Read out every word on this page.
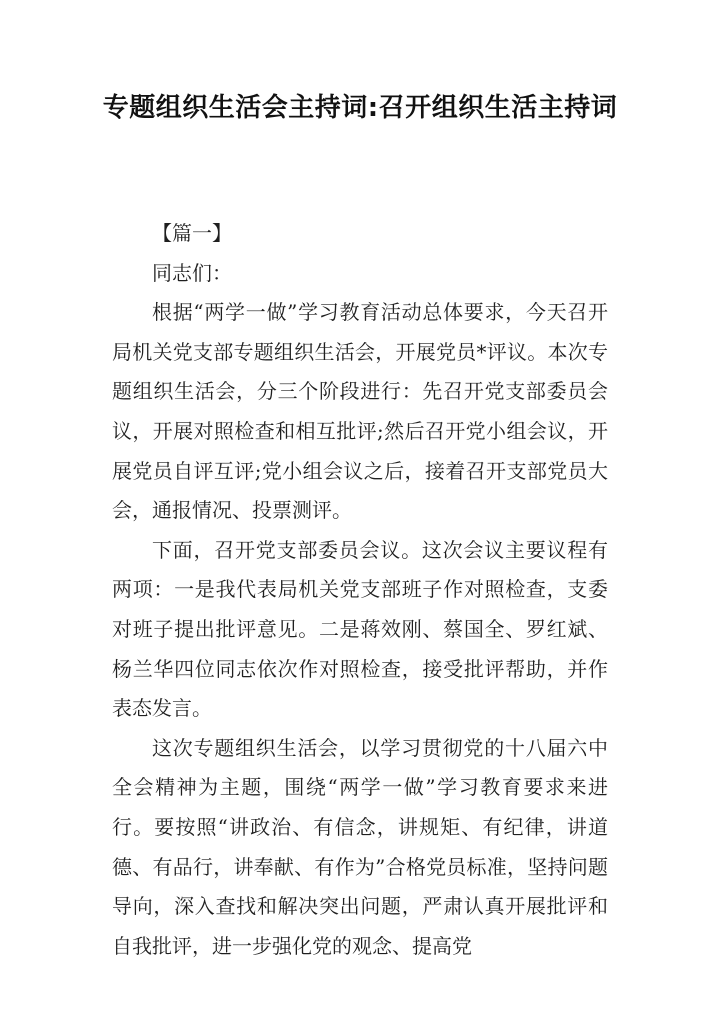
专题组织生活会主持词:召开组织生活主持词

【篇一】

同志们：

根据“两学一做”学习教育活动总体要求，今天召开局机关党支部专题组织生活会，开展党员*评议。本次专题组织生活会，分三个阶段进行：先召开党支部委员会议，开展对照检查和相互批评;然后召开党小组会议，开展党员自评互评;党小组会议之后，接着召开支部党员大会，通报情况、投票测评。

下面，召开党支部委员会议。这次会议主要议程有两项：一是我代表局机关党支部班子作对照检查，支委对班子提出批评意见。二是蒋效刚、蔡国全、罗红斌、杨兰华四位同志依次作对照检查，接受批评帮助，并作表态发言。

这次专题组织生活会，以学习贯彻党的十八届六中全会精神为主题，围绕“两学一做”学习教育要求来进行。要按照“讲政治、有信念，讲规矩、有纪律，讲道德、有品行，讲奉献、有作为”合格党员标准，坚持问题导向，深入查找和解决突出问题，严肃认真开展批评和自我批评，进一步强化党的观念、提高党
